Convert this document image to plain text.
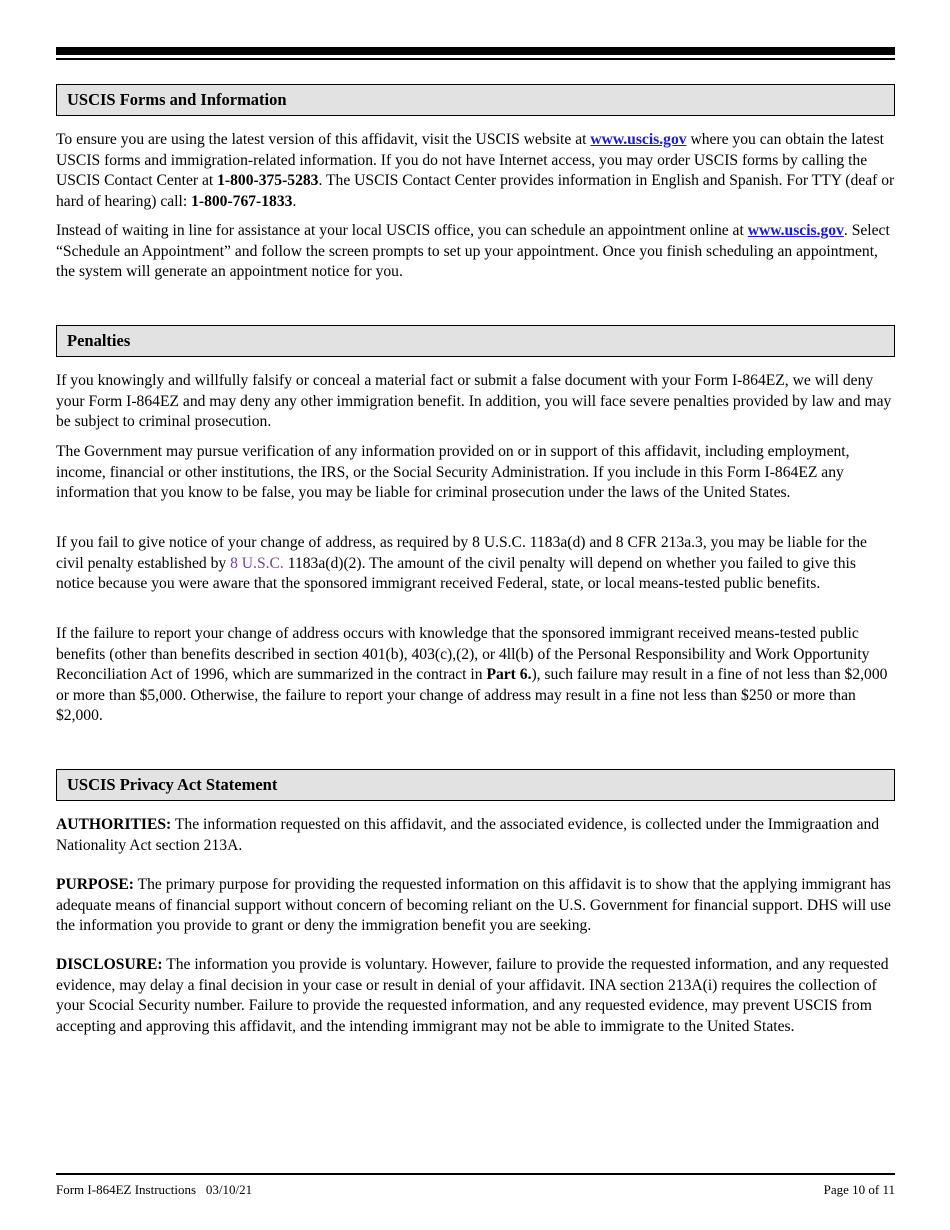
USCIS Forms and Information

To ensure you are using the latest version of this affidavit, visit the USCIS website at www.uscis.gov where you can obtain the latest USCIS forms and immigration-related information. If you do not have Internet access, you may order USCIS forms by calling the USCIS Contact Center at 1-800-375-5283. The USCIS Contact Center provides information in English and Spanish. For TTY (deaf or hard of hearing) call: 1-800-767-1833.

Instead of waiting in line for assistance at your local USCIS office, you can schedule an appointment online at www.uscis.gov. Select “Schedule an Appointment” and follow the screen prompts to set up your appointment. Once you finish scheduling an appointment, the system will generate an appointment notice for you.

Penalties

If you knowingly and willfully falsify or conceal a material fact or submit a false document with your Form I-864EZ, we will deny your Form I-864EZ and may deny any other immigration benefit. In addition, you will face severe penalties provided by law and may be subject to criminal prosecution.

The Government may pursue verification of any information provided on or in support of this affidavit, including employment, income, financial or other institutions, the IRS, or the Social Security Administration. If you include in this Form I-864EZ any information that you know to be false, you may be liable for criminal prosecution under the laws of the United States.

If you fail to give notice of your change of address, as required by 8 U.S.C. 1183a(d) and 8 CFR 213a.3, you may be liable for the civil penalty established by 8 U.S.C. 1183a(d)(2). The amount of the civil penalty will depend on whether you failed to give this notice because you were aware that the sponsored immigrant received Federal, state, or local means-tested public benefits.

If the failure to report your change of address occurs with knowledge that the sponsored immigrant received means-tested public benefits (other than benefits described in section 401(b), 403(c),(2), or 4ll(b) of the Personal Responsibility and Work Opportunity Reconciliation Act of 1996, which are summarized in the contract in Part 6.), such failure may result in a fine of not less than $2,000 or more than $5,000. Otherwise, the failure to report your change of address may result in a fine not less than $250 or more than $2,000.

USCIS Privacy Act Statement

AUTHORITIES: The information requested on this affidavit, and the associated evidence, is collected under the Immigraation and Nationality Act section 213A.

PURPOSE: The primary purpose for providing the requested information on this affidavit is to show that the applying immigrant has adequate means of financial support without concern of becoming reliant on the U.S. Government for financial support. DHS will use the information you provide to grant or deny the immigration benefit you are seeking.

DISCLOSURE: The information you provide is voluntary. However, failure to provide the requested information, and any requested evidence, may delay a final decision in your case or result in denial of your affidavit. INA section 213A(i) requires the collection of your Scocial Security number. Failure to provide the requested information, and any requested evidence, may prevent USCIS from accepting and approving this affidavit, and the intending immigrant may not be able to immigrate to the United States.

Form I-864EZ Instructions   03/10/21	Page 10 of 11
